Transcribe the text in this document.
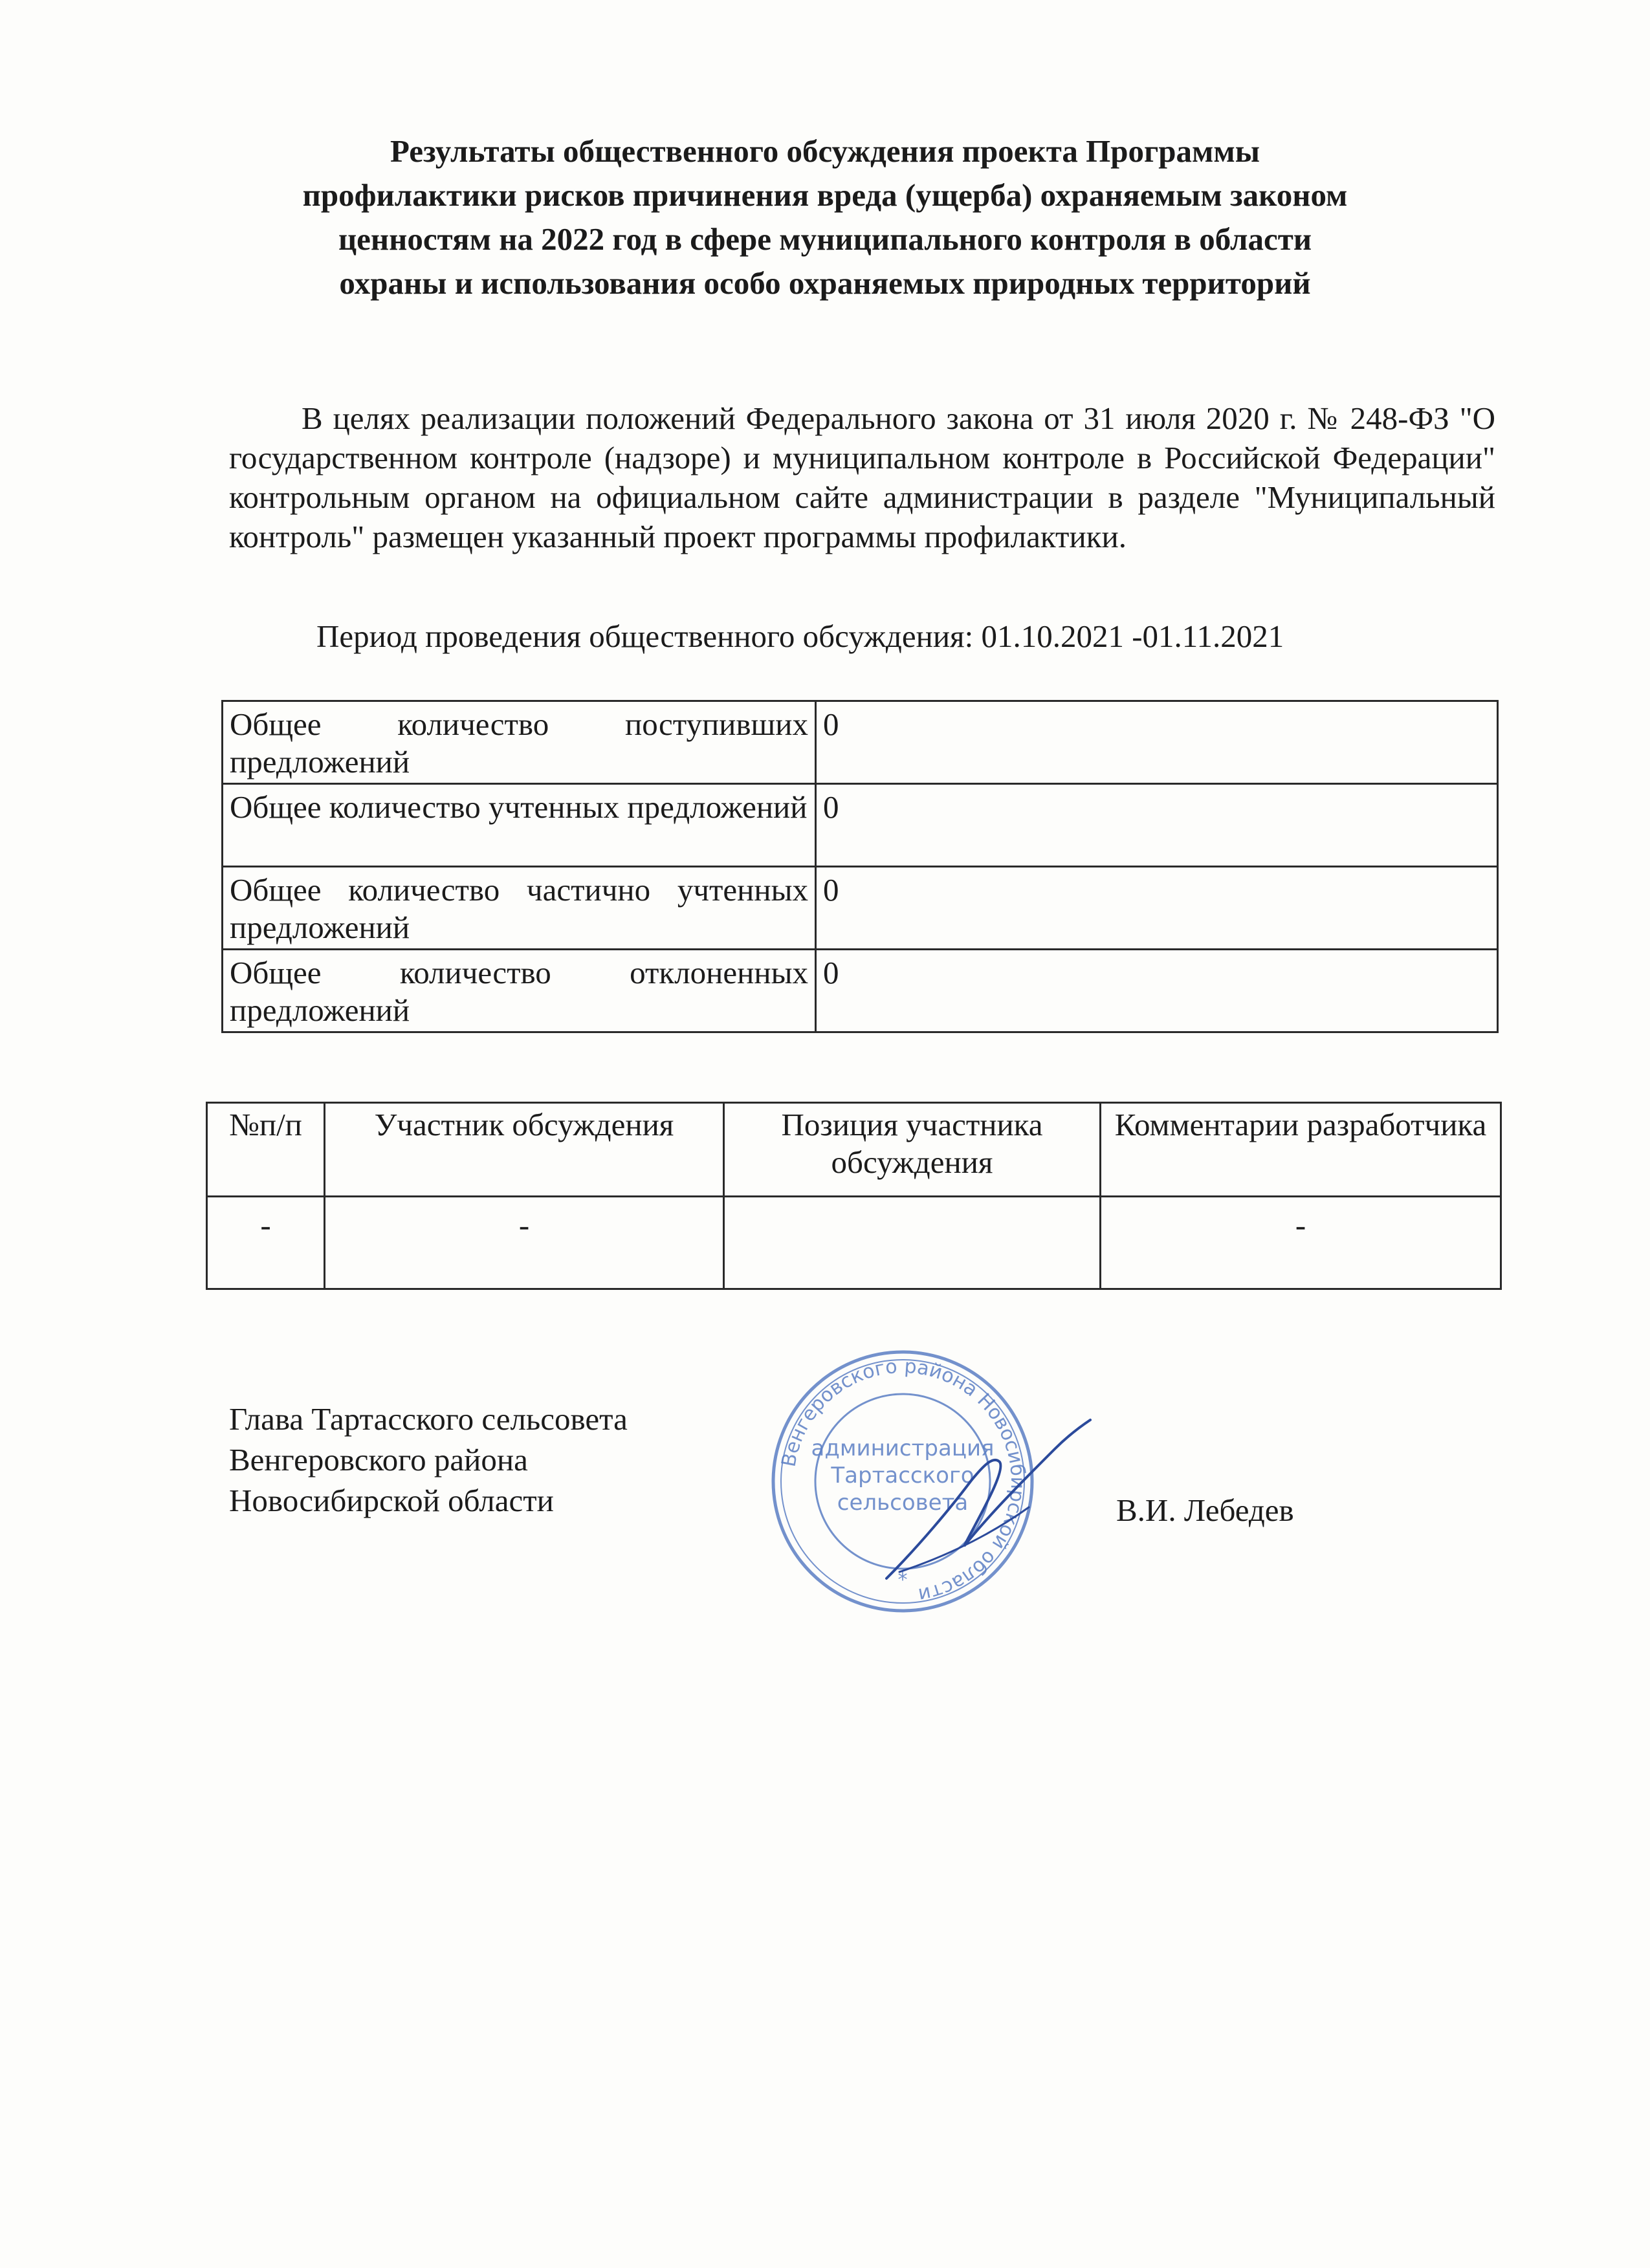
Результаты общественного обсуждения проекта Программы
профилактики рисков причинения вреда (ущерба) охраняемым законом
ценностям на 2022 год в сфере муниципального контроля в области
охраны и использования особо охраняемых природных территорий
В целях реализации положений Федерального закона от 31 июля 2020 г. № 248-ФЗ "О государственном контроле (надзоре) и муниципальном контроле в Российской Федерации" контрольным органом на официальном сайте администрации в разделе "Муниципальный контроль" размещен указанный проект программы профилактики.
Период проведения общественного обсуждения: 01.10.2021 -01.11.2021
Общее количество поступивших предложений	0
Общее количество учтенных предложений	0
Общее количество частично учтенных предложений	0
Общее количество отклоненных предложений	0
№п/п	Участник обсуждения	Позиция участника обсуждения	Комментарии разработчика
-	-		-
Глава Тартасского сельсовета
Венгеровского района
Новосибирской области
Венгеровского района Новосибирской области
администрация
Тартасского
сельсовета
*
В.И. Лебедев
